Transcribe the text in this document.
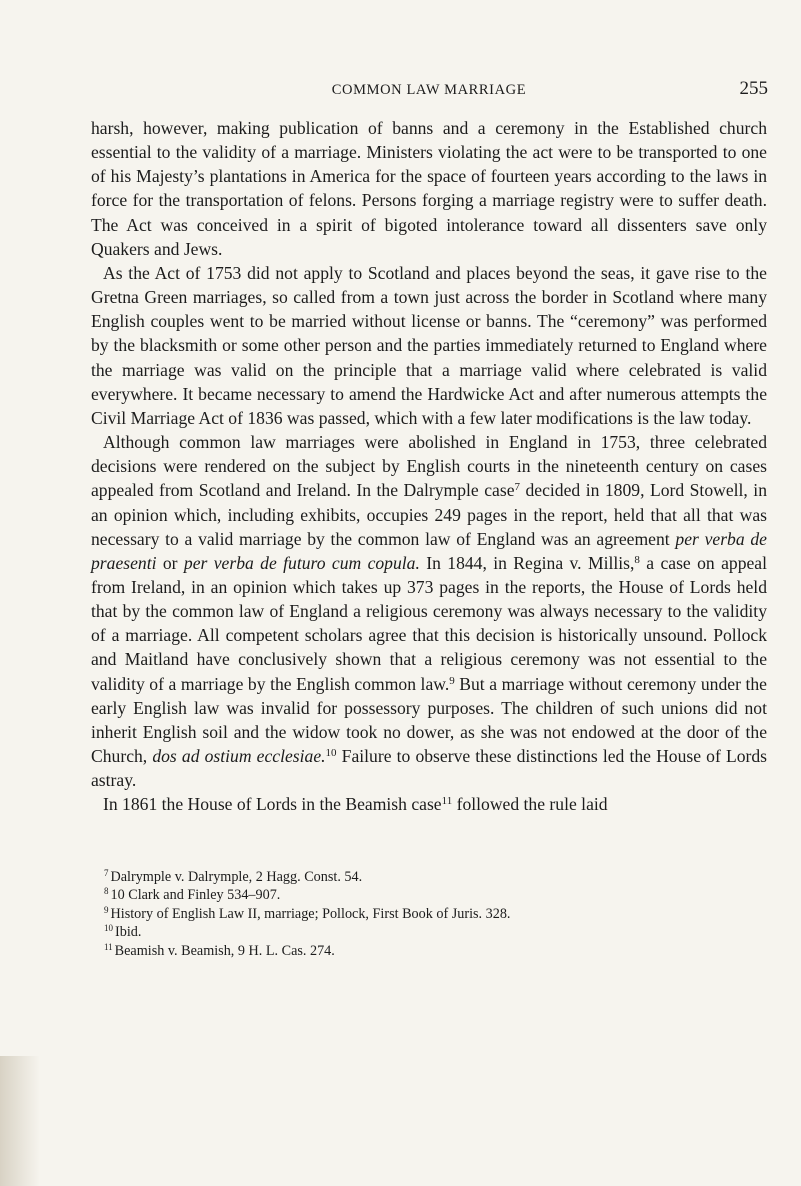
COMMON LAW MARRIAGE	255

harsh, however, making publication of banns and a ceremony in the Established church essential to the validity of a marriage. Ministers violating the act were to be transported to one of his Majesty’s plantations in America for the space of fourteen years according to the laws in force for the transportation of felons. Persons forging a marriage registry were to suffer death. The Act was conceived in a spirit of bigoted intolerance toward all dissenters save only Quakers and Jews.

As the Act of 1753 did not apply to Scotland and places beyond the seas, it gave rise to the Gretna Green marriages, so called from a town just across the border in Scotland where many English couples went to be married without license or banns. The “ceremony” was performed by the blacksmith or some other person and the parties immediately returned to England where the marriage was valid on the principle that a marriage valid where celebrated is valid everywhere. It became necessary to amend the Hardwicke Act and after numerous attempts the Civil Marriage Act of 1836 was passed, which with a few later modifications is the law today.

Although common law marriages were abolished in England in 1753, three celebrated decisions were rendered on the subject by English courts in the nineteenth century on cases appealed from Scotland and Ireland. In the Dalrymple case$^7$ decided in 1809, Lord Stowell, in an opinion which, including exhibits, occupies 249 pages in the report, held that all that was necessary to a valid marriage by the common law of England was an agreement per verba de praesenti or per verba de futuro cum copula. In 1844, in Regina v. Millis,$^8$ a case on appeal from Ireland, in an opinion which takes up 373 pages in the reports, the House of Lords held that by the common law of England a religious ceremony was always necessary to the validity of a marriage. All competent scholars agree that this decision is historically unsound. Pollock and Maitland have conclusively shown that a religious ceremony was not essential to the validity of a marriage by the English common law.$^9$ But a marriage without ceremony under the early English law was invalid for possessory purposes. The children of such unions did not inherit English soil and the widow took no dower, as she was not endowed at the door of the Church, dos ad ostium ecclesiae.$^{10}$ Failure to observe these distinctions led the House of Lords astray.

In 1861 the House of Lords in the Beamish case$^{11}$ followed the rule laid

$^7$ Dalrymple v. Dalrymple, 2 Hagg. Const. 54.
$^8$ 10 Clark and Finley 534–907.
$^9$ History of English Law II, marriage; Pollock, First Book of Juris. 328.
$^{10}$ Ibid.
$^{11}$ Beamish v. Beamish, 9 H. L. Cas. 274.
